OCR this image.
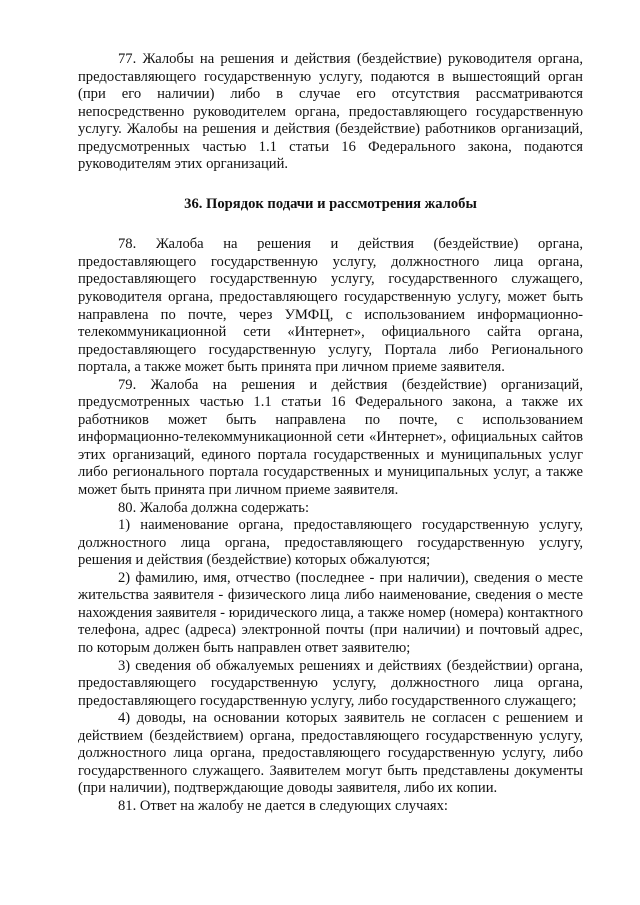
77. Жалобы на решения и действия (бездействие) руководителя органа, предоставляющего государственную услугу, подаются в вышестоящий орган (при его наличии) либо в случае его отсутствия рассматриваются непосредственно руководителем органа, предоставляющего государственную услугу. Жалобы на решения и действия (бездействие) работников организаций, предусмотренных частью 1.1 статьи 16 Федерального закона, подаются руководителям этих организаций.

36. Порядок подачи и рассмотрения жалобы

78. Жалоба на решения и действия (бездействие) органа, предоставляющего государственную услугу, должностного лица органа, предоставляющего государственную услугу, государственного служащего, руководителя органа, предоставляющего государственную услугу, может быть направлена по почте, через УМФЦ, с использованием информационно-телекоммуникационной сети «Интернет», официального сайта органа, предоставляющего государственную услугу, Портала либо Регионального портала, а также может быть принята при личном приеме заявителя.

79. Жалоба на решения и действия (бездействие) организаций, предусмотренных частью 1.1 статьи 16 Федерального закона, а также их работников может быть направлена по почте, с использованием информационно-телекоммуникационной сети «Интернет», официальных сайтов этих организаций, единого портала государственных и муниципальных услуг либо регионального портала государственных и муниципальных услуг, а также может быть принята при личном приеме заявителя.

80. Жалоба должна содержать:

1) наименование органа, предоставляющего государственную услугу, должностного лица органа, предоставляющего государственную услугу, решения и действия (бездействие) которых обжалуются;

2) фамилию, имя, отчество (последнее - при наличии), сведения о месте жительства заявителя - физического лица либо наименование, сведения о месте нахождения заявителя - юридического лица, а также номер (номера) контактного телефона, адрес (адреса) электронной почты (при наличии) и почтовый адрес, по которым должен быть направлен ответ заявителю;

3) сведения об обжалуемых решениях и действиях (бездействии) органа, предоставляющего государственную услугу, должностного лица органа, предоставляющего государственную услугу, либо государственного служащего;

4) доводы, на основании которых заявитель не согласен с решением и действием (бездействием) органа, предоставляющего государственную услугу, должностного лица органа, предоставляющего государственную услугу, либо государственного служащего. Заявителем могут быть представлены документы (при наличии), подтверждающие доводы заявителя, либо их копии.

81. Ответ на жалобу не дается в следующих случаях:
